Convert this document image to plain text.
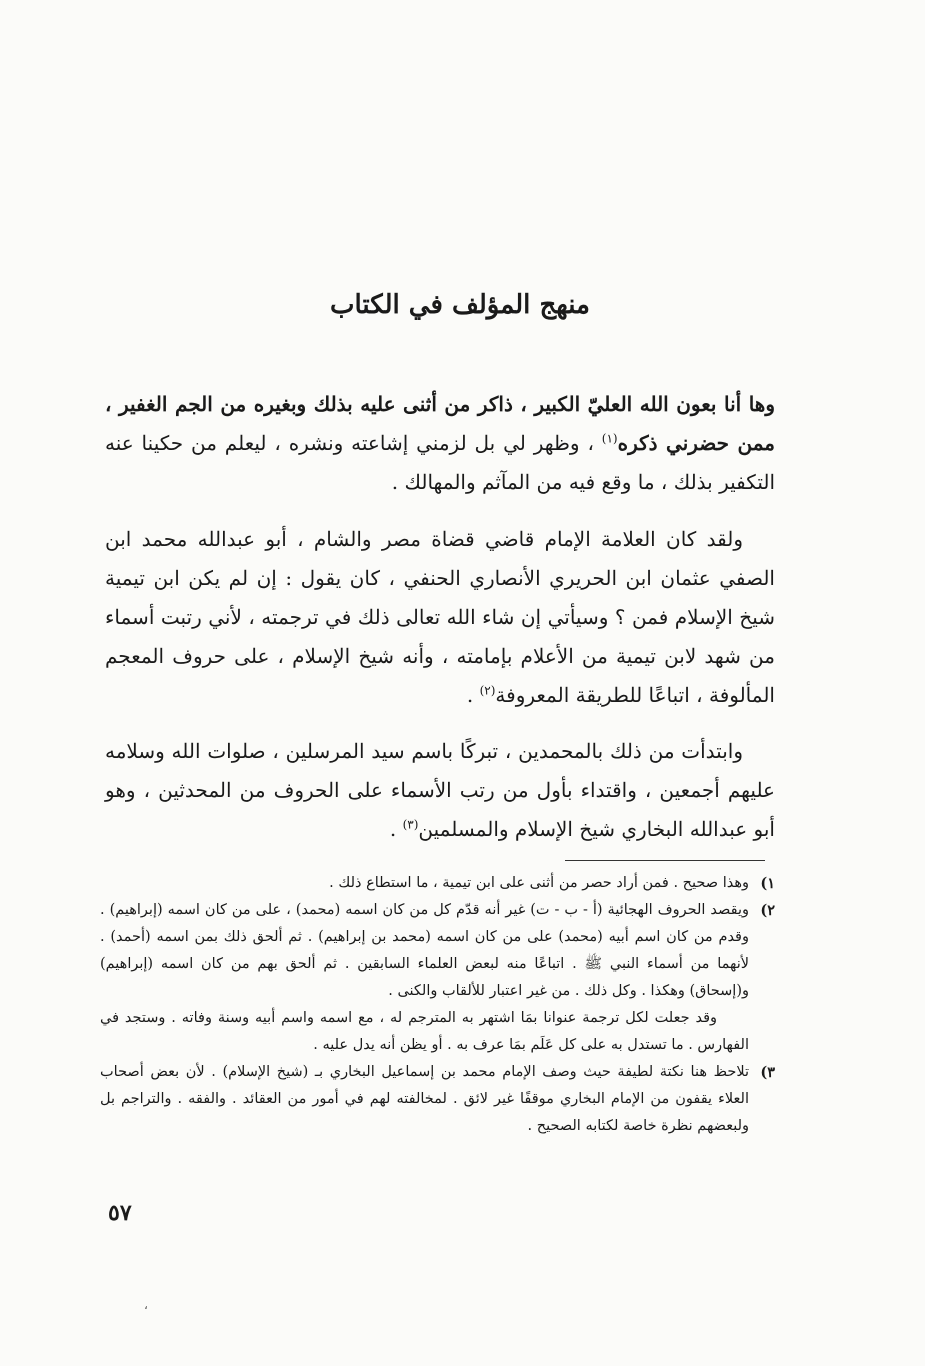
منهج المؤلف في الكتاب

وها أنا بعون الله العليّ الكبير ، ذاكر من أثنى عليه بذلك وبغيره من الجم الغفير ، ممن حضرني ذكره$^{(١)}$ ، وظهر لي بل لزمني إشاعته ونشره ، ليعلم من حكينا عنه التكفير بذلك ، ما وقع فيه من المآثم والمهالك .

ولقد كان العلامة الإمام قاضي قضاة مصر والشام ، أبو عبدالله محمد ابن الصفي عثمان ابن الحريري الأنصاري الحنفي ، كان يقول : إن لم يكن ابن تيمية شيخ الإسلام فمن ؟ وسيأتي إن شاء الله تعالى ذلك في ترجمته ، لأني رتبت أسماء من شهد لابن تيمية من الأعلام بإمامته ، وأنه شيخ الإسلام ، على حروف المعجم المألوفة ، اتباعًا للطريقة المعروفة$^{(٢)}$ .

وابتدأت من ذلك بالمحمدين ، تبركًا باسم سيد المرسلين ، صلوات الله وسلامه عليهم أجمعين ، واقتداء بأول من رتب الأسماء على الحروف من المحدثين ، وهو أبو عبدالله البخاري شيخ الإسلام والمسلمين$^{(٣)}$ .

١)

وهذا صحيح . فمن أراد حصر من أثنى على ابن تيمية ، ما استطاع ذلك .

٢)

ويقصد الحروف الهجائية (أ - ب - ت) غير أنه قدّم كل من كان اسمه (محمد) ، على من كان اسمه (إبراهيم) . وقدم من كان اسم أبيه (محمد) على من كان اسمه (محمد بن إبراهيم) . ثم ألحق ذلك بمن اسمه (أحمد) . لأنهما من أسماء النبي ﷺ . اتباعًا منه لبعض العلماء السابقين . ثم ألحق بهم من كان اسمه (إبراهيم) و(إسحاق) وهكذا . وكل ذلك . من غير اعتبار للألقاب والكنى .

وقد جعلت لكل ترجمة عنوانا بمَا اشتهر به المترجم له ، مع اسمه واسم أبيه وسنة وفاته . وستجد في الفهارس . ما تستدل به على كل عَلَم بمَا عرف به . أو يظن أنه يدل عليه .

٣)

تلاحظ هنا نكتة لطيفة حيث وصف الإمام محمد بن إسماعيل البخاري بـ (شيخ الإسلام) . لأن بعض أصحاب العلاء يقفون من الإمام البخاري موقفًا غير لائق . لمخالفته لهم في أمور من العقائد . والفقه . والتراجم بل ولبعضهم نظرة خاصة لكتابه الصحيح .

٥٧
،
